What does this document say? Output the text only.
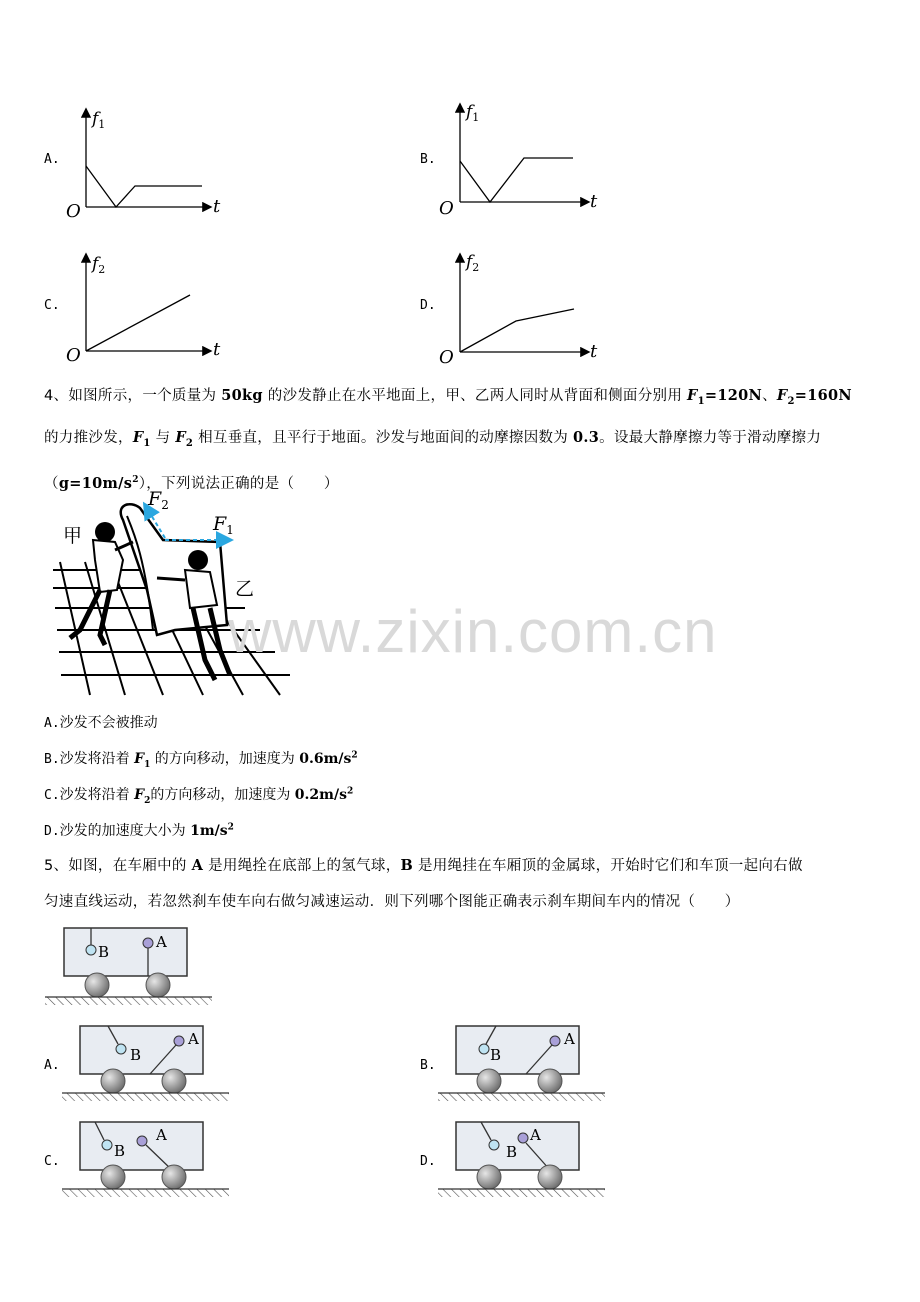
A.
$f_1$
O	t
B.
$f_1$
O	t
C.
$f_2$
O	t
D.
$f_2$
O	t
4、如图所示，一个质量为 50kg 的沙发静止在水平地面上，甲、乙两人同时从背面和侧面分别用 $F_1=120N$、$F_2=160N$
的力推沙发，$F_1$ 与 $F_2$ 相互垂直，且平行于地面。沙发与地面间的动摩擦因数为 0.3。设最大静摩擦力等于滑动摩擦力
$(g=10m/s^2)$，下列说法正确的是（　　）
$F_2$
$F_1$
甲
乙
www.zixin.com.cn
A.沙发不会被推动
B.沙发将沿着 $F_1$ 的方向移动，加速度为 $0.6m/s^2$
C.沙发将沿着 $F_2$的方向移动，加速度为 $0.2m/s^2$
D.沙发的加速度大小为 $1m/s^2$
5、如图，在车厢中的 A 是用绳拴在底部上的氢气球，B 是用绳挂在车厢顶的金属球，开始时它们和车顶一起向右做
匀速直线运动，若忽然刹车使车向右做匀减速运动．则下列哪个图能正确表示刹车期间车内的情况（　　）
B
A
B
A
B
A
B
A
B
A
A.	B.
C.	D.
